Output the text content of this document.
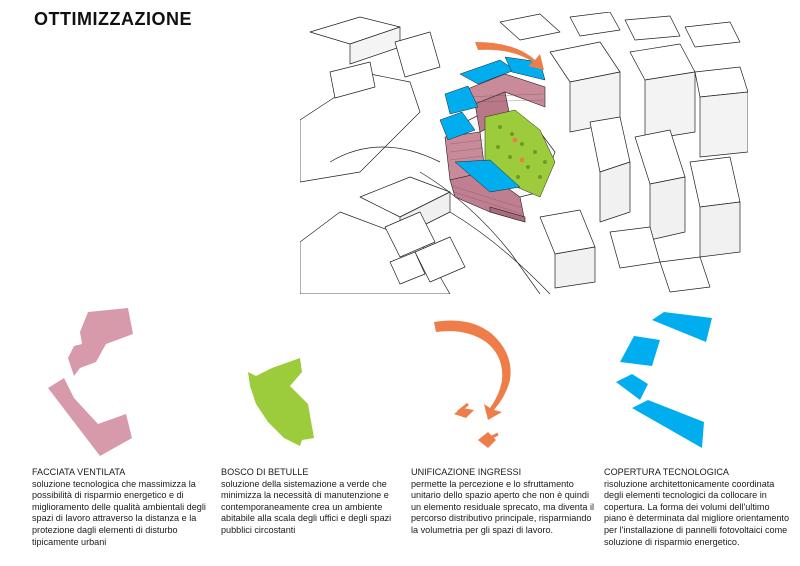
OTTIMIZZAZIONE
FACCIATA VENTILATA
soluzione tecnologica che massimizza la possibilità di risparmio energetico e di miglioramento delle qualità ambientali degli spazi di lavoro attraverso la distanza e la protezione dagli elementi di disturbo tipicamente urbani
BOSCO DI BETULLE
soluzione della sistemazione a verde che minimizza la necessità di manutenzione e contemporaneamente crea un ambiente abitabile alla scala degli uffici e degli spazi pubblici circostanti
UNIFICAZIONE INGRESSI
permette la percezione e lo sfruttamento unitario dello spazio aperto che non è quindi un elemento residuale sprecato, ma diventa il percorso distributivo principale, risparmiando la volumetria per gli spazi di lavoro.
COPERTURA TECNOLOGICA
risoluzione architettonicamente coordinata degli elementi tecnologici da collocare in copertura. La forma dei volumi dell'ultimo piano è determinata dal migliore orientamento per l'installazione di pannelli fotovoltaici come soluzione di risparmio energetico.
